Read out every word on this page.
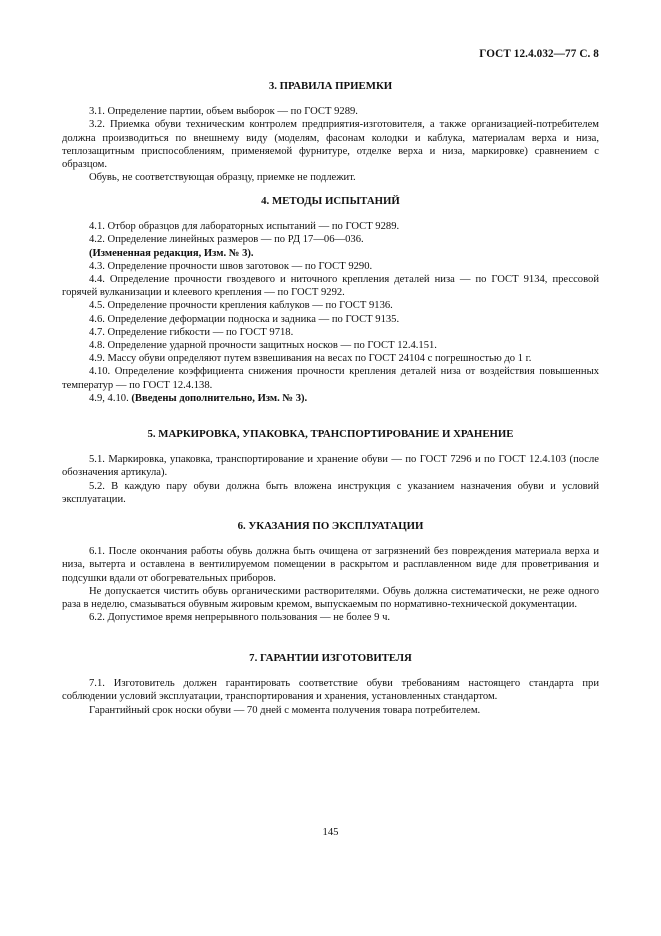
ГОСТ 12.4.032—77 С. 8
3. ПРАВИЛА ПРИЕМКИ

3.1. Определение партии, объем выборок — по ГОСТ 9289.

3.2. Приемка обуви техническим контролем предприятия-изготовителя, а также организацией-потребителем должна производиться по внешнему виду (моделям, фасонам колодки и каблука, материалам верха и низа, теплозащитным приспособлениям, применяемой фурнитуре, отделке верха и низа, маркировке) сравнением с образцом.

Обувь, не соответствующая образцу, приемке не подлежит.

4. МЕТОДЫ ИСПЫТАНИЙ

4.1. Отбор образцов для лабораторных испытаний — по ГОСТ 9289.

4.2. Определение линейных размеров — по РД 17—06—036.

(Измененная редакция, Изм. № 3).

4.3. Определение прочности швов заготовок — по ГОСТ 9290.

4.4. Определение прочности гвоздевого и ниточного крепления деталей низа — по ГОСТ 9134, прессовой горячей вулканизации и клеевого крепления — по ГОСТ 9292.

4.5. Определение прочности крепления каблуков — по ГОСТ 9136.

4.6. Определение деформации подноска и задника — по ГОСТ 9135.

4.7. Определение гибкости — по ГОСТ 9718.

4.8. Определение ударной прочности защитных носков — по ГОСТ 12.4.151.

4.9. Массу обуви определяют путем взвешивания на весах по ГОСТ 24104 с погрешностью до 1 г.

4.10. Определение коэффициента снижения прочности крепления деталей низа от воздействия повышенных температур — по ГОСТ 12.4.138.

4.9, 4.10. (Введены дополнительно, Изм. № 3).

5. МАРКИРОВКА, УПАКОВКА, ТРАНСПОРТИРОВАНИЕ И ХРАНЕНИЕ

5.1. Маркировка, упаковка, транспортирование и хранение обуви — по ГОСТ 7296 и по ГОСТ 12.4.103 (после обозначения артикула).

5.2. В каждую пару обуви должна быть вложена инструкция с указанием назначения обуви и условий эксплуатации.

6. УКАЗАНИЯ ПО ЭКСПЛУАТАЦИИ

6.1. После окончания работы обувь должна быть очищена от загрязнений без повреждения материала верха и низа, вытерта и оставлена в вентилируемом помещении в раскрытом и расплавленном виде для проветривания и подсушки вдали от обогревательных приборов.

Не допускается чистить обувь органическими растворителями. Обувь должна систематически, не реже одного раза в неделю, смазываться обувным жировым кремом, выпускаемым по нормативно-технической документации.

6.2. Допустимое время непрерывного пользования — не более 9 ч.

7. ГАРАНТИИ ИЗГОТОВИТЕЛЯ

7.1. Изготовитель должен гарантировать соответствие обуви требованиям настоящего стандарта при соблюдении условий эксплуатации, транспортирования и хранения, установленных стандартом.

Гарантийный срок носки обуви — 70 дней с момента получения товара потребителем.

145
